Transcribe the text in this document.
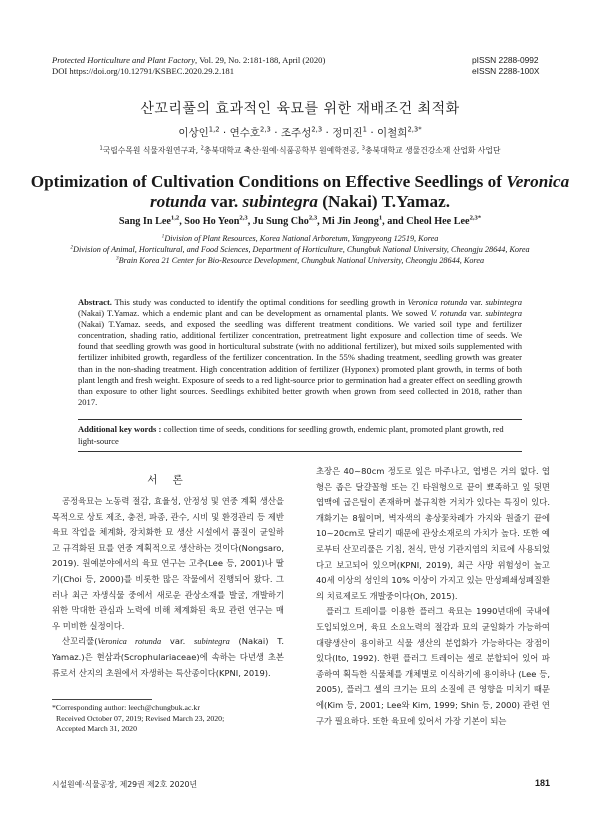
Protected Horticulture and Plant Factory, Vol. 29, No. 2:181-188, April (2020)
DOI https://doi.org/10.12791/KSBEC.2020.29.2.181
pISSN 2288-0992
eISSN 2288-100X
산꼬리풀의 효과적인 육묘를 위한 재배조건 최적화
이상인$^{1,2}$ · 연수호$^{2,3}$ · 조주성$^{2,3}$ · 정미진$^1$ · 이철희$^{2,3*}$
$^1$국립수목원 식물자원연구과, $^2$충북대학교 축산·원예·식품공학부 원예학전공, $^3$충북대학교 생물건강소재 산업화 사업단
Optimization of Cultivation Conditions on Effective Seedlings of Veronica rotunda var. subintegra (Nakai) T.Yamaz.
Sang In Lee$^{1,2}$, Soo Ho Yeon$^{2,3}$, Ju Sung Cho$^{2,3}$, Mi Jin Jeong$^1$, and Cheol Hee Lee$^{2,3*}$
$^1$Division of Plant Resources, Korea National Arboretum, Yangpyeong 12519, Korea
$^2$Division of Animal, Horticultural, and Food Sciences, Department of Horticulture, Chungbuk National University, Cheongju 28644, Korea
$^3$Brain Korea 21 Center for Bio-Resource Development, Chungbuk National University, Cheongju 28644, Korea
Abstract. This study was conducted to identify the optimal conditions for seedling growth in Veronica rotunda var. subintegra (Nakai) T.Yamaz. which a endemic plant and can be development as ornamental plants. We sowed V. rotunda var. subintegra (Nakai) T.Yamaz. seeds, and exposed the seedling was different treatment conditions. We varied soil type and fertilizer concentration, shading ratio, additional fertilizer concentration, pretreatment light exposure and collection time of seeds. We found that seedling growth was good in horticultural substrate (with no additional fertilizer), but mixed soils supplemented with fertilizer inhibited growth, regardless of the fertilizer concentration. In the 55% shading treatment, seedling growth was greater than in the non-shading treatment. High concentration addition of fertilizer (Hyponex) promoted plant growth, in terms of both plant length and fresh weight. Exposure of seeds to a red light-source prior to germination had a greater effect on seedling growth than exposure to other light sources. Seedlings exhibited better growth when grown from seed collected in 2018, rather than 2017.
Additional key words : collection time of seeds, conditions for seedling growth, endemic plant, promoted plant growth, red light-source
서 론

공정육묘는 노동력 절감, 효율성, 안정성 및 연중 계획 생산을 목적으로 상토 제조, 충전, 파종, 관수, 시비 및 환경관리 등 제반 육묘 작업을 체계화, 장치화한 묘 생산 시설에서 품질이 균일하고 규격화된 묘를 연중 계획적으로 생산하는 것이다(Nongsaro, 2019). 원예분야에서의 육묘 연구는 고추(Lee 등, 2001)나 딸기(Choi 등, 2000)를 비롯한 많은 작물에서 진행되어 왔다. 그러나 최근 자생식물 중에서 새로운 관상소재를 발굴, 개발하기 위한 막대한 관심과 노력에 비해 체계화된 육묘 관련 연구는 매우 미비한 실정이다.

산꼬리풀(Veronica rotunda var. subintegra (Nakai) T. Yamaz.)은 현삼과(Scrophulariaceae)에 속하는 다년생 초본류로서 산지의 초원에서 자생하는 특산종이다(KPNI, 2019).

초장은 40~80cm 정도로 잎은 마주나고, 엽병은 거의 없다. 엽형은 좁은 달걀꼴형 또는 긴 타원형으로 끝이 뾰족하고 잎 뒷면 엽맥에 굽은털이 존재하며 불규칙한 거치가 있다는 특징이 있다. 개화기는 8월이며, 벽자색의 총상꽃차례가 가지와 원줄기 끝에 10~20cm로 달리기 때문에 관상소재로의 가치가 높다. 또한 예로부터 산꼬리풀은 기침, 천식, 만성 기관지염의 치료에 사용되었다고 보고되어 있으며(KPNI, 2019), 최근 사망 위험성이 높고 40세 이상의 성인의 10% 이상이 가지고 있는 만성폐쇄성폐질환의 치료제로도 개발중이다(Oh, 2015).

플러그 트레이를 이용한 플러그 육묘는 1990년대에 국내에 도입되었으며, 육묘 소요노력의 절감과 묘의 균일화가 가능하여 대량생산이 용이하고 식물 생산의 분업화가 가능하다는 장점이 있다(Ito, 1992). 한편 플러그 트레이는 셀로 분할되어 있어 파종하여 획득한 식물체를 개체별로 이식하기에 용이하나 (Lee 등, 2005), 플러그 셀의 크기는 묘의 소질에 큰 영향을 미치기 때문에(Kim 등, 2001; Lee와 Kim, 1999; Shin 등, 2000) 관련 연구가 필요하다. 또한 육묘에 있어서 가장 기본이 되는

*Corresponding author: leech@chungbuk.ac.kr
Received October 07, 2019; Revised March 23, 2020;
Accepted March 31, 2020
시설원예·식물공장, 제29권 제2호 2020년	181
